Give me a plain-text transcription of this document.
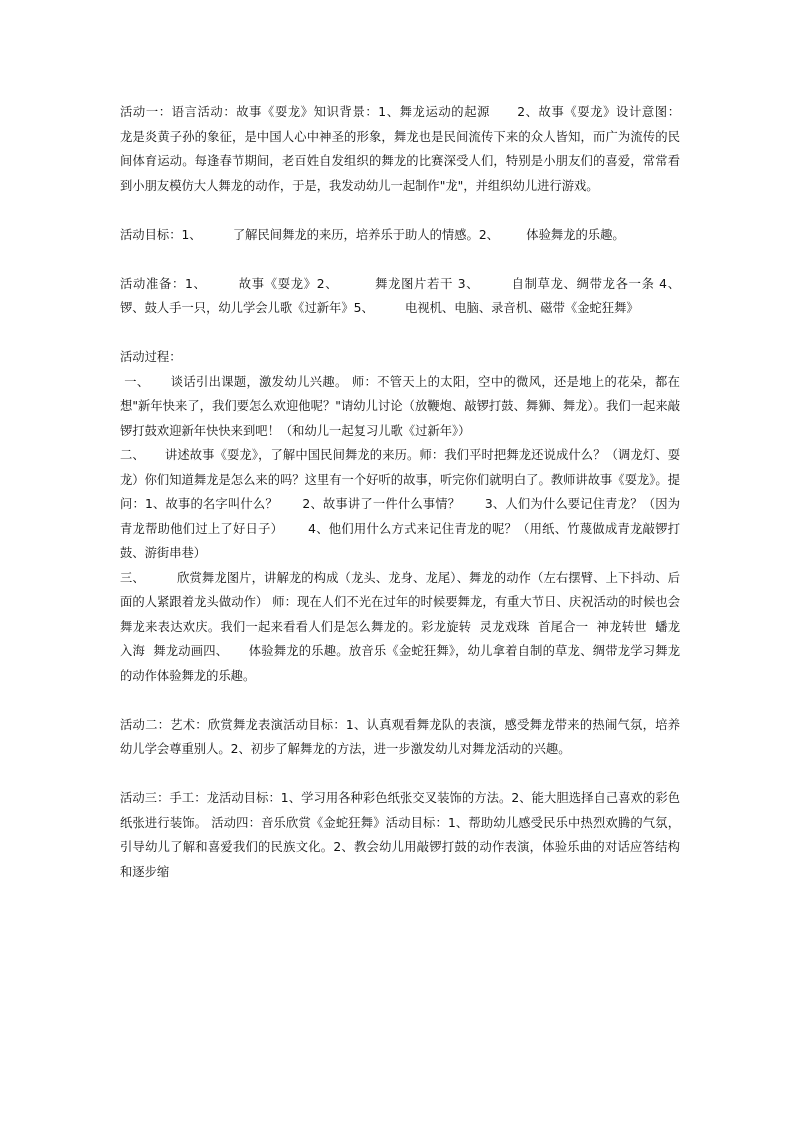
活动一：语言活动：故事《耍龙》知识背景：1、舞龙运动的起源      2、故事《耍龙》设计意图：      龙是炎黄子孙的象征，是中国人心中神圣的形象，舞龙也是民间流传下来的众人皆知，而广为流传的民间体育运动。每逢春节期间，老百姓自发组织的舞龙的比赛深受人们，特别是小朋友们的喜爱，常常看到小朋友模仿大人舞龙的动作，于是，我发动幼儿一起制作"龙"，并组织幼儿进行游戏。

活动目标：1、        了解民间舞龙的来历，培养乐于助人的情感。2、       体验舞龙的乐趣。

活动准备：1、       故事《耍龙》2、        舞龙图片若干 3、       自制草龙、绸带龙各一条 4、        锣、鼓人手一只，幼儿学会儿歌《过新年》5、        电视机、电脑、录音机、磁带《金蛇狂舞》

活动过程：

一、     谈话引出课题，激发幼儿兴趣。 师：不管天上的太阳，空中的微风，还是地上的花朵，都在想"新年快来了，我们要怎么欢迎他呢？"请幼儿讨论（放鞭炮、敲锣打鼓、舞狮、舞龙）。我们一起来敲锣打鼓欢迎新年快快来到吧！（和幼儿一起复习儿歌《过新年》）

二、     讲述故事《耍龙》，了解中国民间舞龙的来历。师：我们平时把舞龙还说成什么？（调龙灯、耍龙）你们知道舞龙是怎么来的吗？这里有一个好听的故事，听完你们就明白了。教师讲故事《耍龙》。提问：1、故事的名字叫什么？      2、故事讲了一件什么事情？      3、人们为什么要记住青龙？（因为青龙帮助他们过上了好日子）      4、他们用什么方式来记住青龙的呢？（用纸、竹蔑做成青龙敲锣打鼓、游街串巷）

三、        欣赏舞龙图片，讲解龙的构成（龙头、龙身、龙尾）、舞龙的动作（左右摆臂、上下抖动、后面的人紧跟着龙头做动作） 师：现在人们不光在过年的时候要舞龙，有重大节日、庆祝活动的时候也会舞龙来表达欢庆。我们一起来看看人们是怎么舞龙的。彩龙旋转  灵龙戏珠  首尾合一  神龙转世  蟠龙入海  舞龙动画四、     体验舞龙的乐趣。放音乐《金蛇狂舞》，幼儿拿着自制的草龙、绸带龙学习舞龙的动作体验舞龙的乐趣。

活动二：艺术：欣赏舞龙表演活动目标：1、认真观看舞龙队的表演，感受舞龙带来的热闹气氛，培养幼儿学会尊重别人。2、初步了解舞龙的方法，进一步激发幼儿对舞龙活动的兴趣。

活动三：手工：龙活动目标：1、学习用各种彩色纸张交叉装饰的方法。2、能大胆选择自己喜欢的彩色纸张进行装饰。 活动四：音乐欣赏《金蛇狂舞》活动目标：1、帮助幼儿感受民乐中热烈欢腾的气氛，引导幼儿了解和喜爱我们的民族文化。2、教会幼儿用敲锣打鼓的动作表演，体验乐曲的对话应答结构和逐步缩
